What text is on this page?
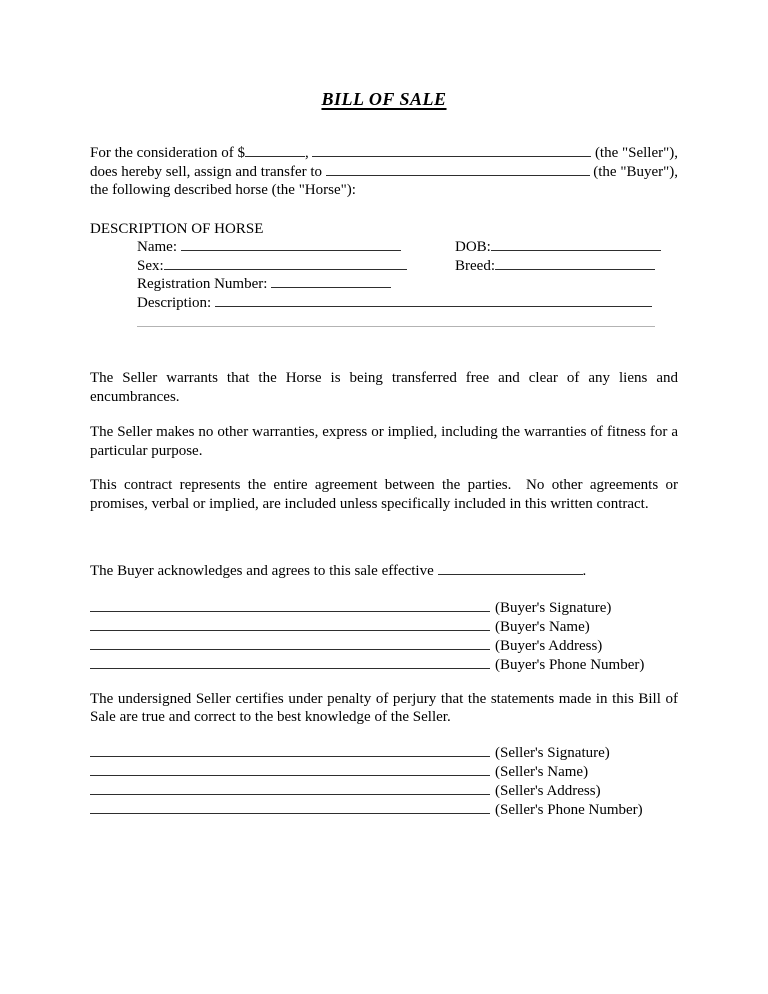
BILL OF SALE
For the consideration of $	,	(the "Seller"),
does hereby sell, assign and transfer to	(the "Buyer"),
the following described horse (the "Horse"):
DESCRIPTION OF HORSE
Name:	DOB:
Sex:	Breed:
Registration Number:
Description:
The Seller warrants that the Horse is being transferred free and clear of any liens and
encumbrances.
The Seller makes no other warranties, express or implied, including the warranties of fitness for a
particular purpose.
This contract represents the entire agreement between the parties.  No other agreements or
promises, verbal or implied, are included unless specifically included in this written contract.
The Buyer acknowledges and agrees to this sale effective	.
(Buyer's Signature)
(Buyer's Name)
(Buyer's Address)
(Buyer's Phone Number)
The undersigned Seller certifies under penalty of perjury that the statements made in this Bill of
Sale are true and correct to the best knowledge of the Seller.
(Seller's Signature)
(Seller's Name)
(Seller's Address)
(Seller's Phone Number)
